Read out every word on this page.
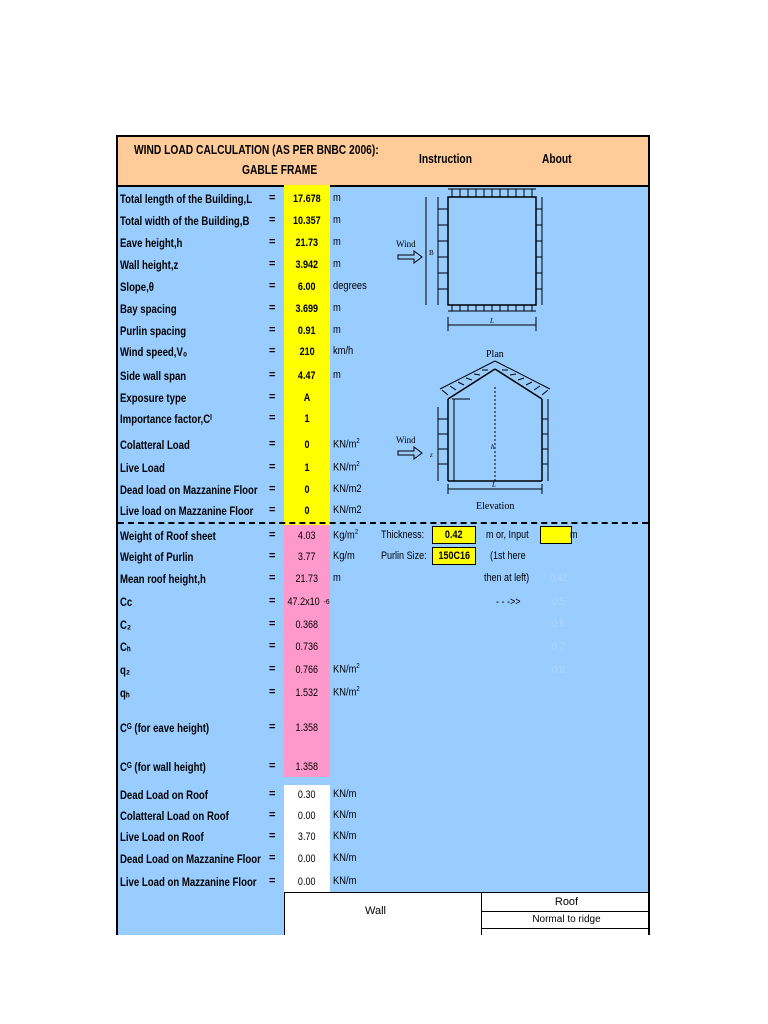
WIND LOAD CALCULATION (AS PER BNBC 2006):
GABLE FRAME
Instruction	About
Total length of the Building,L = 17.678 m
Total width of the Building,B = 10.357 m
Eave height,h	= 21.73 m
Wall height,z	= 3.942 m
Slope,θ	= 6.00 degrees
Bay spacing	= 3.699 m
Purlin spacing	= 0.91 m
Wind speed,V₀	= 210 km/h
Side wall span	= 4.47 m
Exposure type	=	A
Importance factor,Cᴵ	=	1
Colatteral Load	=	0 $KN/m^2$
Live Load	=	1 $KN/m^2$
Dead load on Mazzanine Floor =	0 KN/m2
Live load on Mazzanine Floor =	0 KN/m2
Weight of Roof sheet	= 4.03 $Kg/m^2$
Weight of Purlin	= 3.77 Kg/m
Mean roof height,h	= 21.73 m
Cᴄ	= 47.2x10 -6
C₂	= 0.368
Cₕ	= 0.736
q₂	= 0.766 $KN/m^2$
qₕ	= 1.532 $KN/m^2$
Cᴳ (for eave height)	= 1.358
Cᴳ (for wall height)	= 1.358
Dead Load on Roof	= 0.30 KN/m
Colatteral Load on Roof	= 0.00 KN/m
Live Load on Roof	= 3.70 KN/m
Dead Load on Mazzanine Floor = 0.00 KN/m
Live Load on Mazzanine Floor = 0.00 KN/m
Thickness: 0.42 m or, Input	m
Purlin Size: 150C16 (1st here
then at left)
- - ->>
0.42
0.5
0.6
0.7
0.8
Wind
B
L
Plan
Wind
z
h
L
Elevation
Wall
Roof
Normal to ridge
